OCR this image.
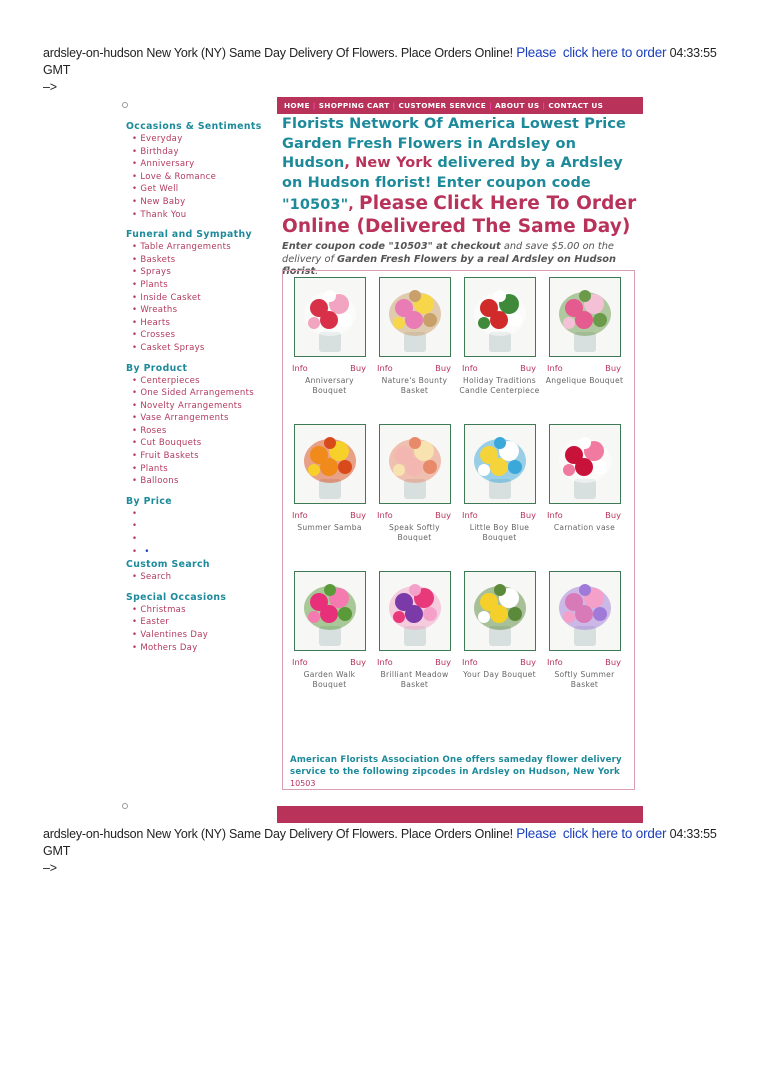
ardsley-on-hudson New York (NY) Same Day Delivery Of Flowers. Place Orders Online! Please click here to order 04:33:55 GMT
–>
HOME | SHOPPING CART | CUSTOMER SERVICE | ABOUT US | CONTACT US
Occasions & Sentiments
• Everyday
• Birthday
• Anniversary
• Love & Romance
• Get Well
• New Baby
• Thank You
Funeral and Sympathy
• Table Arrangements
• Baskets
• Sprays
• Plants
• Inside Casket
• Wreaths
• Hearts
• Crosses
• Casket Sprays
By Product
• Centerpieces
• One Sided Arrangements
• Novelty Arrangements
• Vase Arrangements
• Roses
• Cut Bouquets
• Fruit Baskets
• Plants
• Balloons
By Price
•
•
•
• •
Custom Search
• Search
Special Occasions
• Christmas
• Easter
• Valentines Day
• Mothers Day
Florists Network Of America Lowest Price Garden Fresh Flowers in Ardsley on Hudson, New York delivered by a Ardsley on Hudson florist! Enter coupon code "10503", Please Click Here To Order Online (Delivered The Same Day)
Enter coupon code "10503" at checkout and save $5.00 on the delivery of Garden Fresh Flowers by a real Ardsley on Hudson florist.
Info	Buy
Anniversary Bouquet
Info	Buy
Nature's Bounty Basket
Info	Buy
Holiday Traditions Candle Centerpiece
Info	Buy
Angelique Bouquet
Info	Buy
Summer Samba
Info	Buy
Speak Softly Bouquet
Info	Buy
Little Boy Blue Bouquet
Info	Buy
Carnation vase
Info	Buy
Garden Walk Bouquet
Info	Buy
Brilliant Meadow Basket
Info	Buy
Your Day Bouquet
Info	Buy
Softly Summer Basket
American Florists Association One offers sameday flower delivery service to the following zipcodes in Ardsley on Hudson, New York
10503
ardsley-on-hudson New York (NY) Same Day Delivery Of Flowers. Place Orders Online! Please click here to order 04:33:55 GMT
–>
